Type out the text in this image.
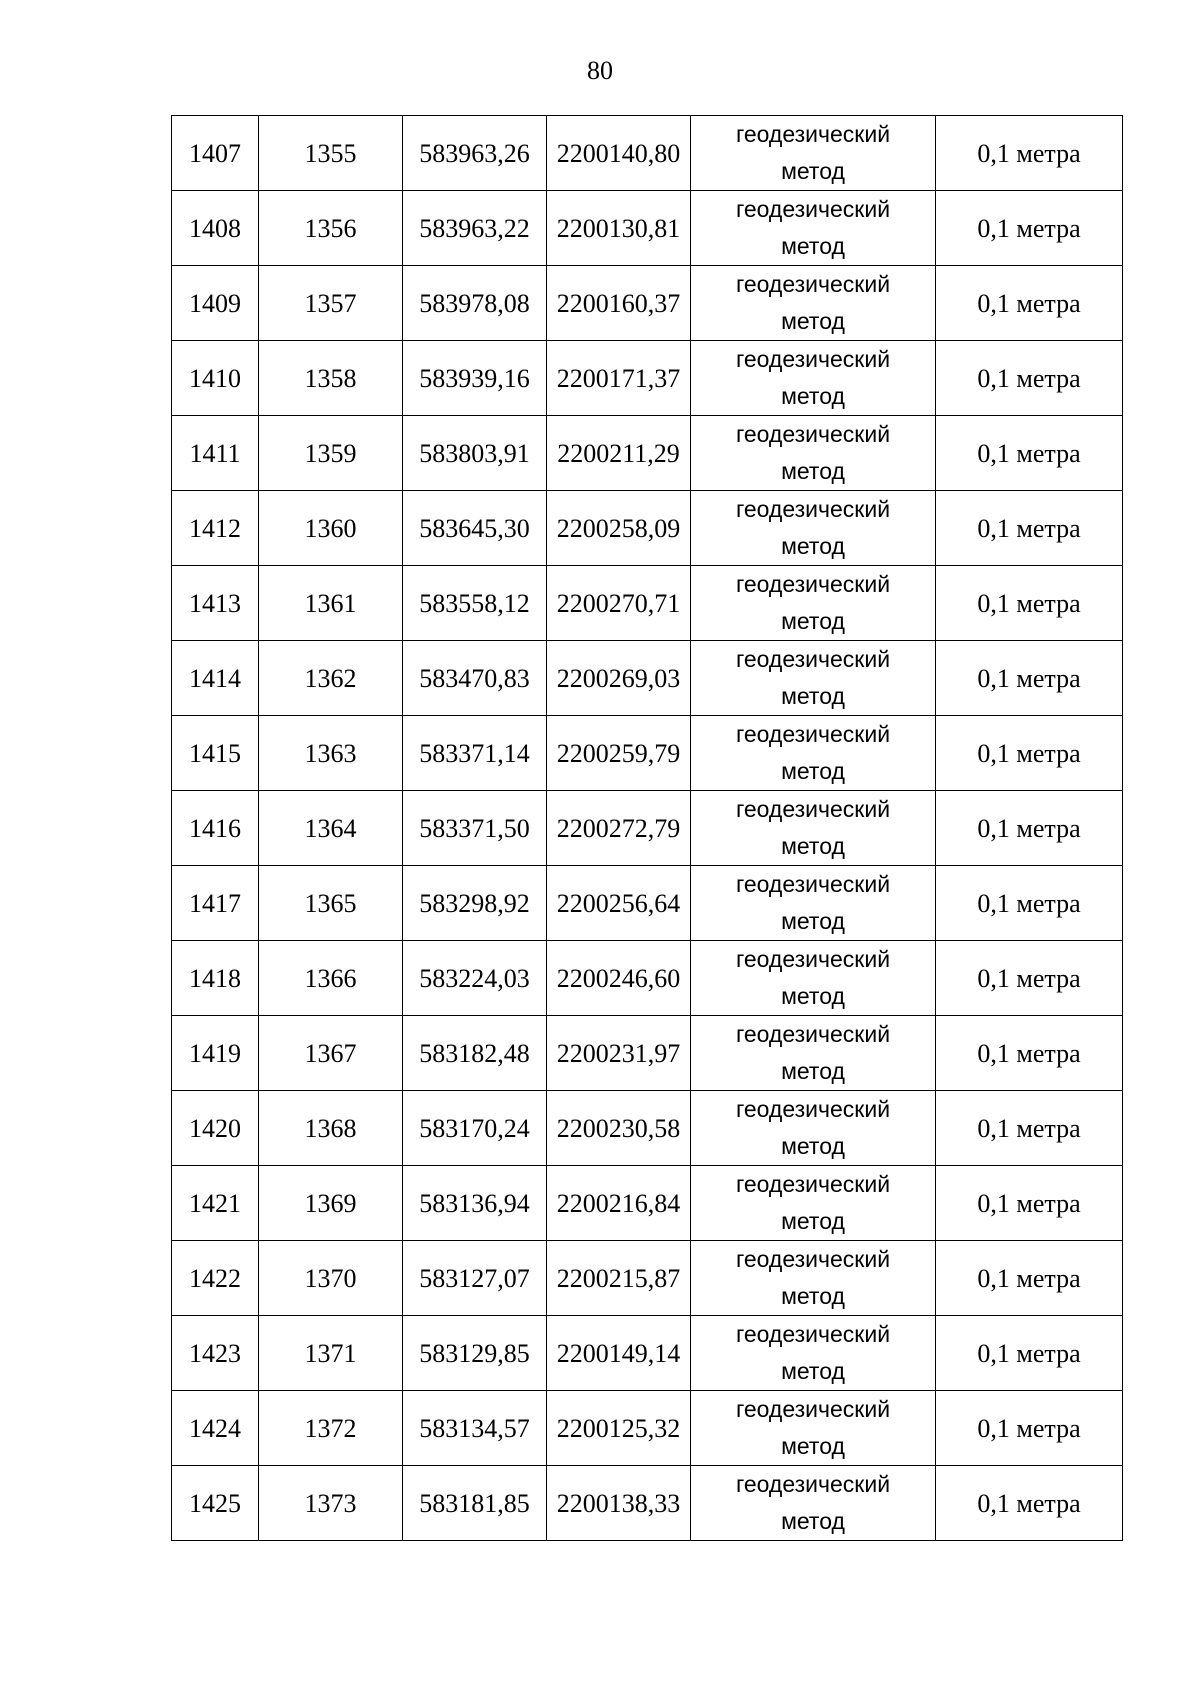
80
1407	1355	583963,26	2200140,80	геодезический
метод	0,1 метра
1408	1356	583963,22	2200130,81	геодезический
метод	0,1 метра
1409	1357	583978,08	2200160,37	геодезический
метод	0,1 метра
1410	1358	583939,16	2200171,37	геодезический
метод	0,1 метра
1411	1359	583803,91	2200211,29	геодезический
метод	0,1 метра
1412	1360	583645,30	2200258,09	геодезический
метод	0,1 метра
1413	1361	583558,12	2200270,71	геодезический
метод	0,1 метра
1414	1362	583470,83	2200269,03	геодезический
метод	0,1 метра
1415	1363	583371,14	2200259,79	геодезический
метод	0,1 метра
1416	1364	583371,50	2200272,79	геодезический
метод	0,1 метра
1417	1365	583298,92	2200256,64	геодезический
метод	0,1 метра
1418	1366	583224,03	2200246,60	геодезический
метод	0,1 метра
1419	1367	583182,48	2200231,97	геодезический
метод	0,1 метра
1420	1368	583170,24	2200230,58	геодезический
метод	0,1 метра
1421	1369	583136,94	2200216,84	геодезический
метод	0,1 метра
1422	1370	583127,07	2200215,87	геодезический
метод	0,1 метра
1423	1371	583129,85	2200149,14	геодезический
метод	0,1 метра
1424	1372	583134,57	2200125,32	геодезический
метод	0,1 метра
1425	1373	583181,85	2200138,33	геодезический
метод	0,1 метра
